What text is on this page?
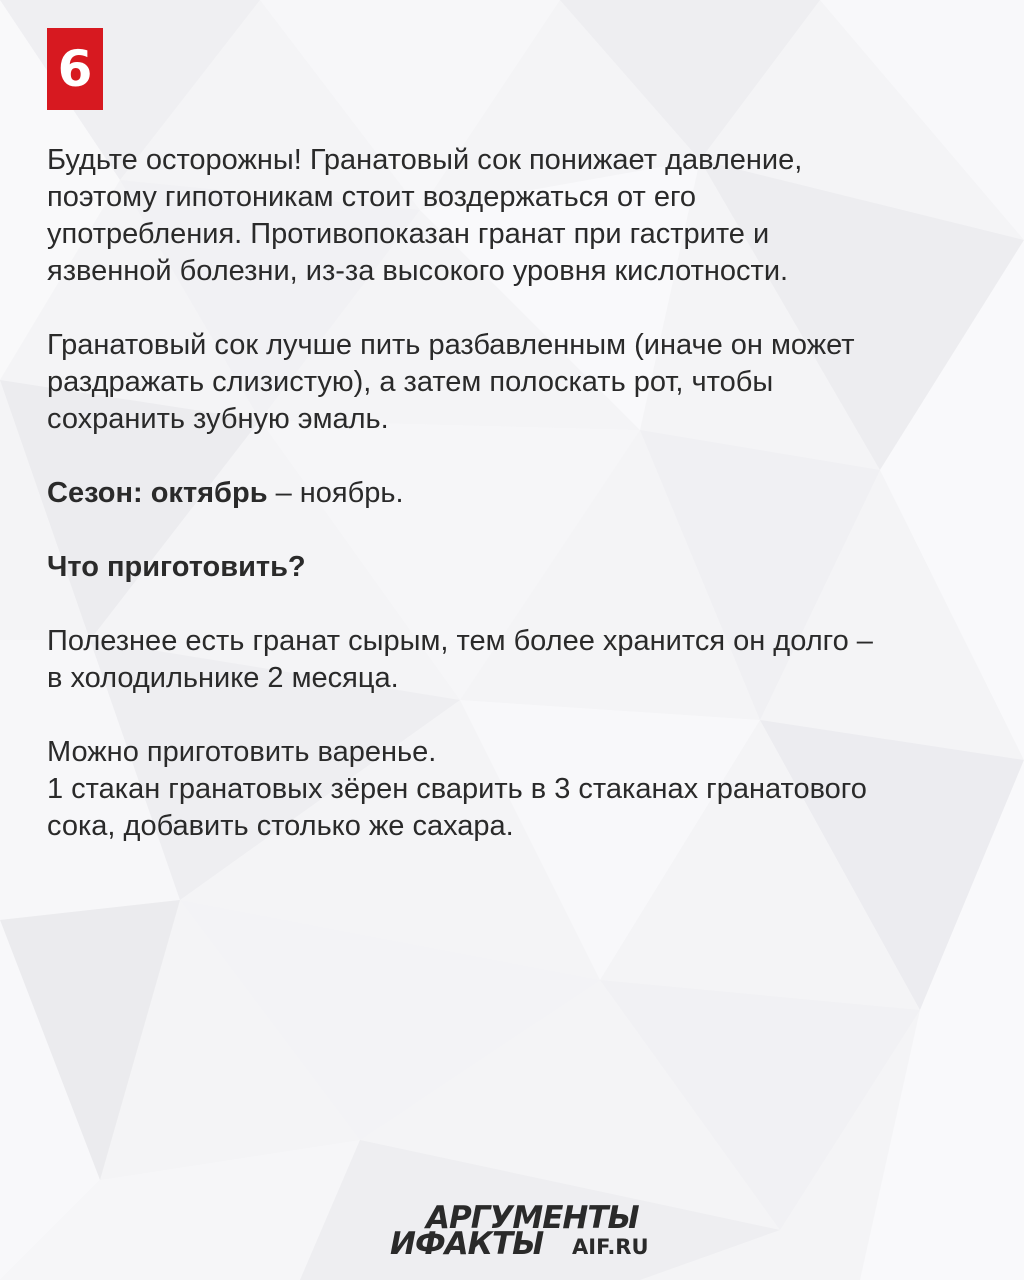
6

Будьте осторожны! Гранатовый сок понижает давление,
поэтому гипотоникам стоит воздержаться от его
употребления. Противопоказан гранат при гастрите и
язвенной болезни, из-за высокого уровня кислотности.

Гранатовый сок лучше пить разбавленным (иначе он может
раздражать слизистую), а затем полоскать рот, чтобы
сохранить зубную эмаль.

Сезон: октябрь – ноябрь.

Что приготовить?

Полезнее есть гранат сырым, тем более хранится он долго –
в холодильнике 2 месяца.

Можно приготовить варенье.
1 стакан гранатовых зёрен сварить в 3 стаканах гранатового
сока, добавить столько же сахара.

АРГУМЕНТЫ
ИФАКТЫ AIF.RU
